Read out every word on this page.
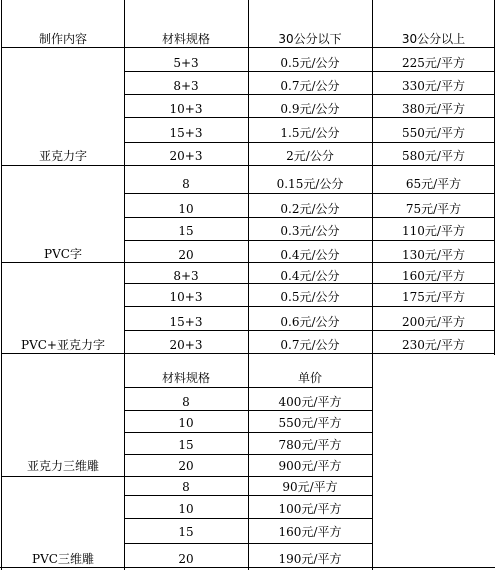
制作内容	材料规格	30公分以下	30公分以上
亚克力字
5+3	0.5元/公分	225元/平方
8+3	0.7元/公分	330元/平方
10+3	0.9元/公分	380元/平方
15+3	1.5元/公分	550元/平方
20+3	2元/公分	580元/平方
PVC字
8	0.15元/公分	65元/平方
10	0.2元/公分	75元/平方
15	0.3元/公分	110元/平方
20	0.4元/公分	130元/平方
PVC+亚克力字
8+3	0.4元/公分	160元/平方
10+3	0.5元/公分	175元/平方
15+3	0.6元/公分	200元/平方
20+3	0.7元/公分	230元/平方
材料规格	单价
亚克力三维雕
8	400元/平方
10	550元/平方
15	780元/平方
20	900元/平方
PVC三维雕
8	90元/平方
10	100元/平方
15	160元/平方
20	190元/平方
